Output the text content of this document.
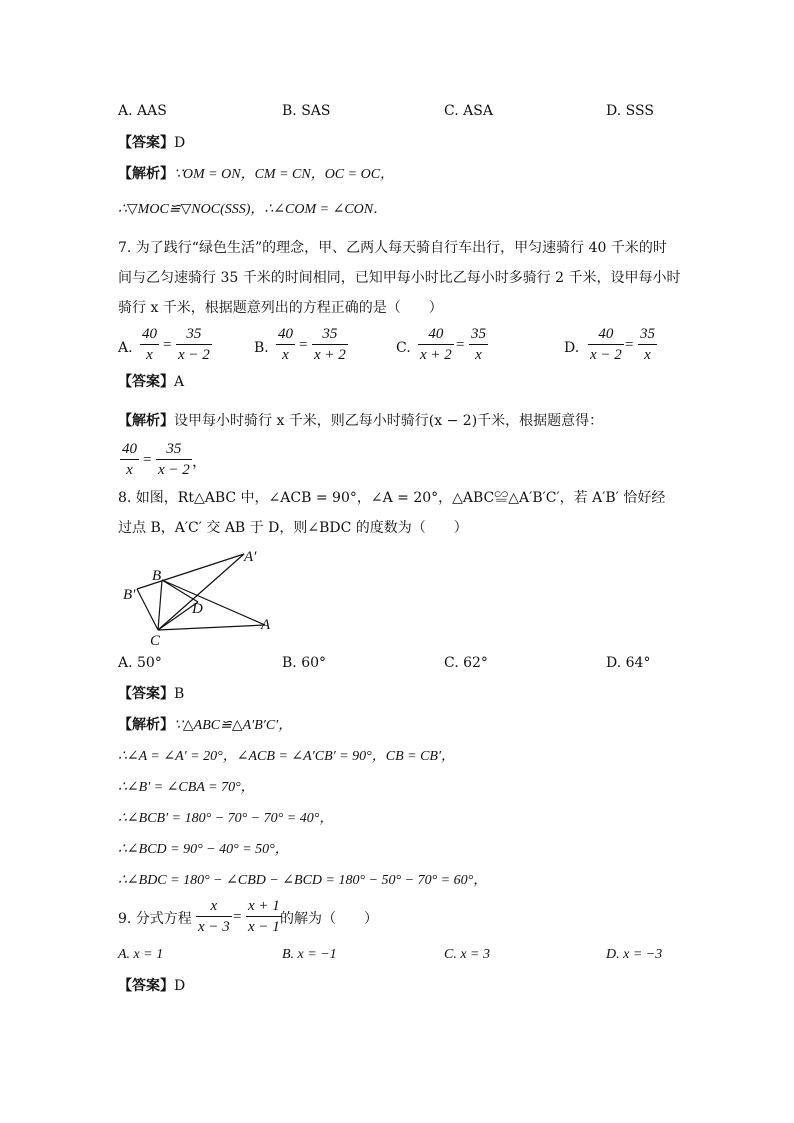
A. AAS	B. SAS	C. ASA	D. SSS
【答案】D
【解析】∵OM = ON，CM = CN，OC = OC，
∴▽MOC≌▽NOC(SSS)，∴∠COM = ∠CON．
7. 为了践行“绿色生活”的理念，甲、乙两人每天骑自行车出行，甲匀速骑行 40 千米的时
间与乙匀速骑行 35 千米的时间相同，已知甲每小时比乙每小时多骑行 2 千米，设甲每小时
骑行 x 千米，根据题意列出的方程正确的是（　　）
A.
40
x
=
35
x − 2	B.
40
x
=
35
x + 2	C.
40
x + 2
=
35
x	D.
40
x − 2
=
35
x
【答案】A
【解析】设甲每小时骑行 x 千米，则乙每小时骑行(x − 2)千米，根据题意得：
40
x
=
35
x − 2 ，
8. 如图，Rt△ABC 中，∠ACB = 90°，∠A = 20°，△ABC≌△A′B′C′，若 A′B′ 恰好经
过点 B，A′C′ 交 AB 于 D，则∠BDC 的度数为（　　）
A′
B
B′
D
C
A
A. 50°	B. 60°	C. 62°	D. 64°
【答案】B
【解析】∵△ABC≌△A′B′C′，
∴∠A = ∠A′ = 20°，∠ACB = ∠A′CB′ = 90°，CB = CB′，
∴∠B′ = ∠CBA = 70°，
∴∠BCB′ = 180° − 70° − 70° = 40°，
∴∠BCD = 90° − 40° = 50°，
∴∠BDC = 180° − ∠CBD − ∠BCD = 180° − 50° − 70° = 60°，
9. 分式方程
x
x − 3
=
x + 1
x − 1 的解为（　　）
A. x = 1	B. x = −1	C. x = 3	D. x = −3
【答案】D
